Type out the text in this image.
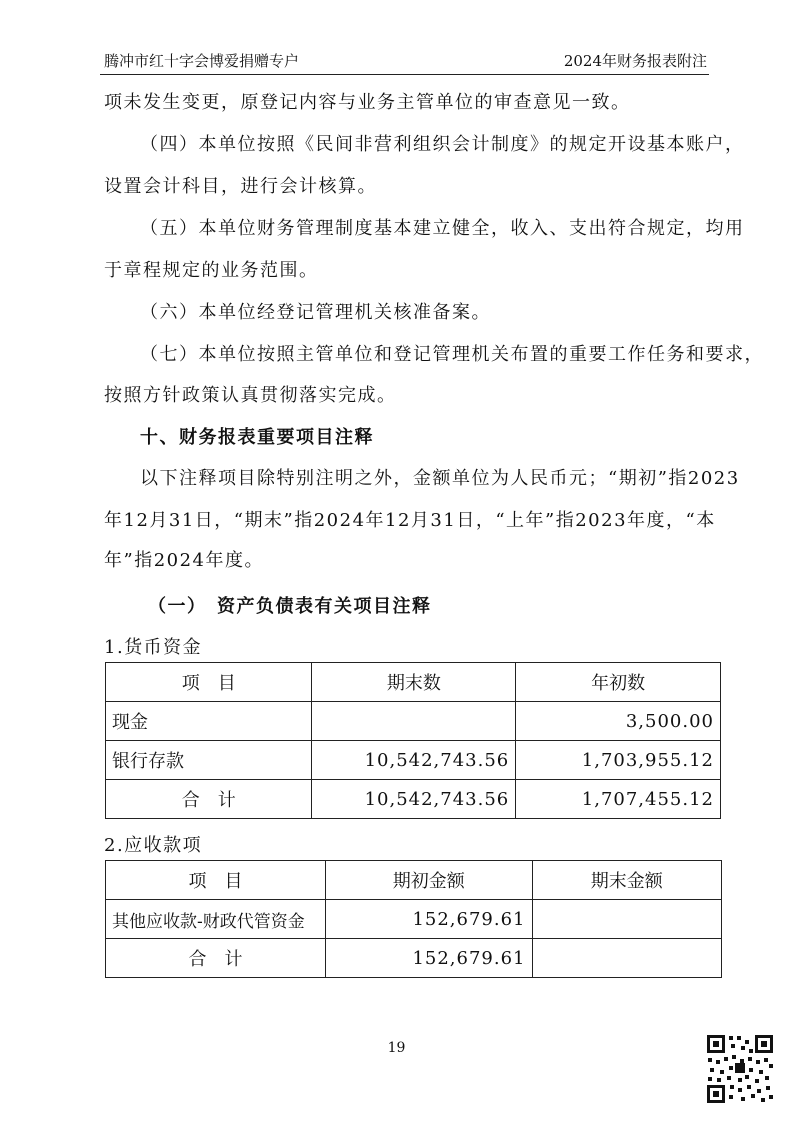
腾冲市红十字会博爱捐赠专户	2024年财务报表附注
项未发生变更，原登记内容与业务主管单位的审查意见一致。
（四）本单位按照《民间非营利组织会计制度》的规定开设基本账户，
设置会计科目，进行会计核算。
（五）本单位财务管理制度基本建立健全，收入、支出符合规定，均用
于章程规定的业务范围。
（六）本单位经登记管理机关核准备案。
（七）本单位按照主管单位和登记管理机关布置的重要工作任务和要求，
按照方针政策认真贯彻落实完成。
十、财务报表重要项目注释
以下注释项目除特别注明之外，金额单位为人民币元；“期初”指2023
年12月31日，“期末”指2024年12月31日，“上年”指2023年度，“本
年”指2024年度。
（一）　资产负债表有关项目注释
1.货币资金
项　目	期末数	年初数
现金		3,500.00
银行存款	10,542,743.56	1,703,955.12
合　计	10,542,743.56	1,707,455.12
2.应收款项
项　目	期初金额	期末金额
其他应收款-财政代管资金	152,679.61	
合　计	152,679.61	
19
